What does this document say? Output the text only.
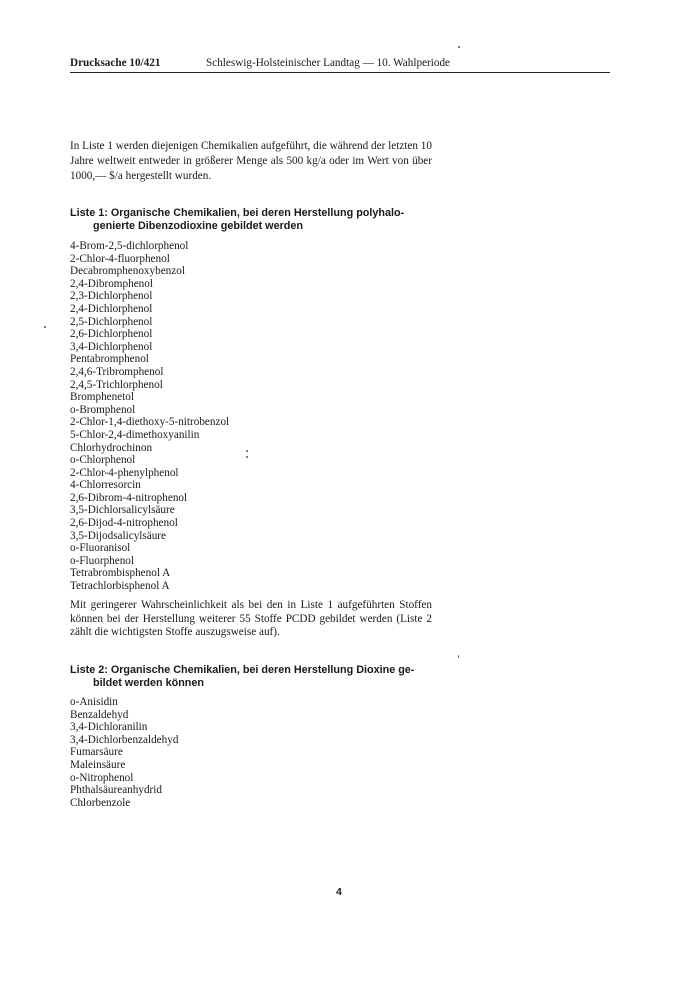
Drucksache 10/421	Schleswig-Holsteinischer Landtag — 10. Wahlperiode

In Liste 1 werden diejenigen Chemikalien aufgeführt, die während der letzten 10 Jahre weltweit entweder in größerer Menge als 500 kg/a oder im Wert von über 1000,— $/a hergestellt wurden.

Liste 1:
Organische Chemikalien, bei deren Herstellung polyhalo-
genierte Dibenzodioxine gebildet werden
4-Brom-2,5-dichlorphenol
2-Chlor-4-fluorphenol
Decabromphenoxybenzol
2,4-Dibromphenol
2,3-Dichlorphenol
2,4-Dichlorphenol
2,5-Dichlorphenol
2,6-Dichlorphenol
3,4-Dichlorphenol
Pentabromphenol
2,4,6-Tribromphenol
2,4,5-Trichlorphenol
Bromphenetol
o-Bromphenol
2-Chlor-1,4-diethoxy-5-nitrobenzol
5-Chlor-2,4-dimethoxyanilin
Chlorhydrochinon
o-Chlorphenol
2-Chlor-4-phenylphenol
4-Chlorresorcin
2,6-Dibrom-4-nitrophenol
3,5-Dichlorsalicylsäure
2,6-Dijod-4-nitrophenol
3,5-Dijodsalicylsäure
o-Fluoranisol
o-Fluorphenol
Tetrabrombisphenol A
Tetrachlorbisphenol A

Mit geringerer Wahrscheinlichkeit als bei den in Liste 1 aufgeführten Stoffen können bei der Herstellung weiterer 55 Stoffe PCDD gebildet werden (Liste 2 zählt die wichtigsten Stoffe auszugsweise auf).

Liste 2:
Organische Chemikalien, bei deren Herstellung Dioxine ge-
bildet werden können
o-Anisidin
Benzaldehyd
3,4-Dichloranilin
3,4-Dichlorbenzaldehyd
Fumarsäure
Maleinsäure
o-Nitrophenol
Phthalsäureanhydrid
Chlorbenzole
4
